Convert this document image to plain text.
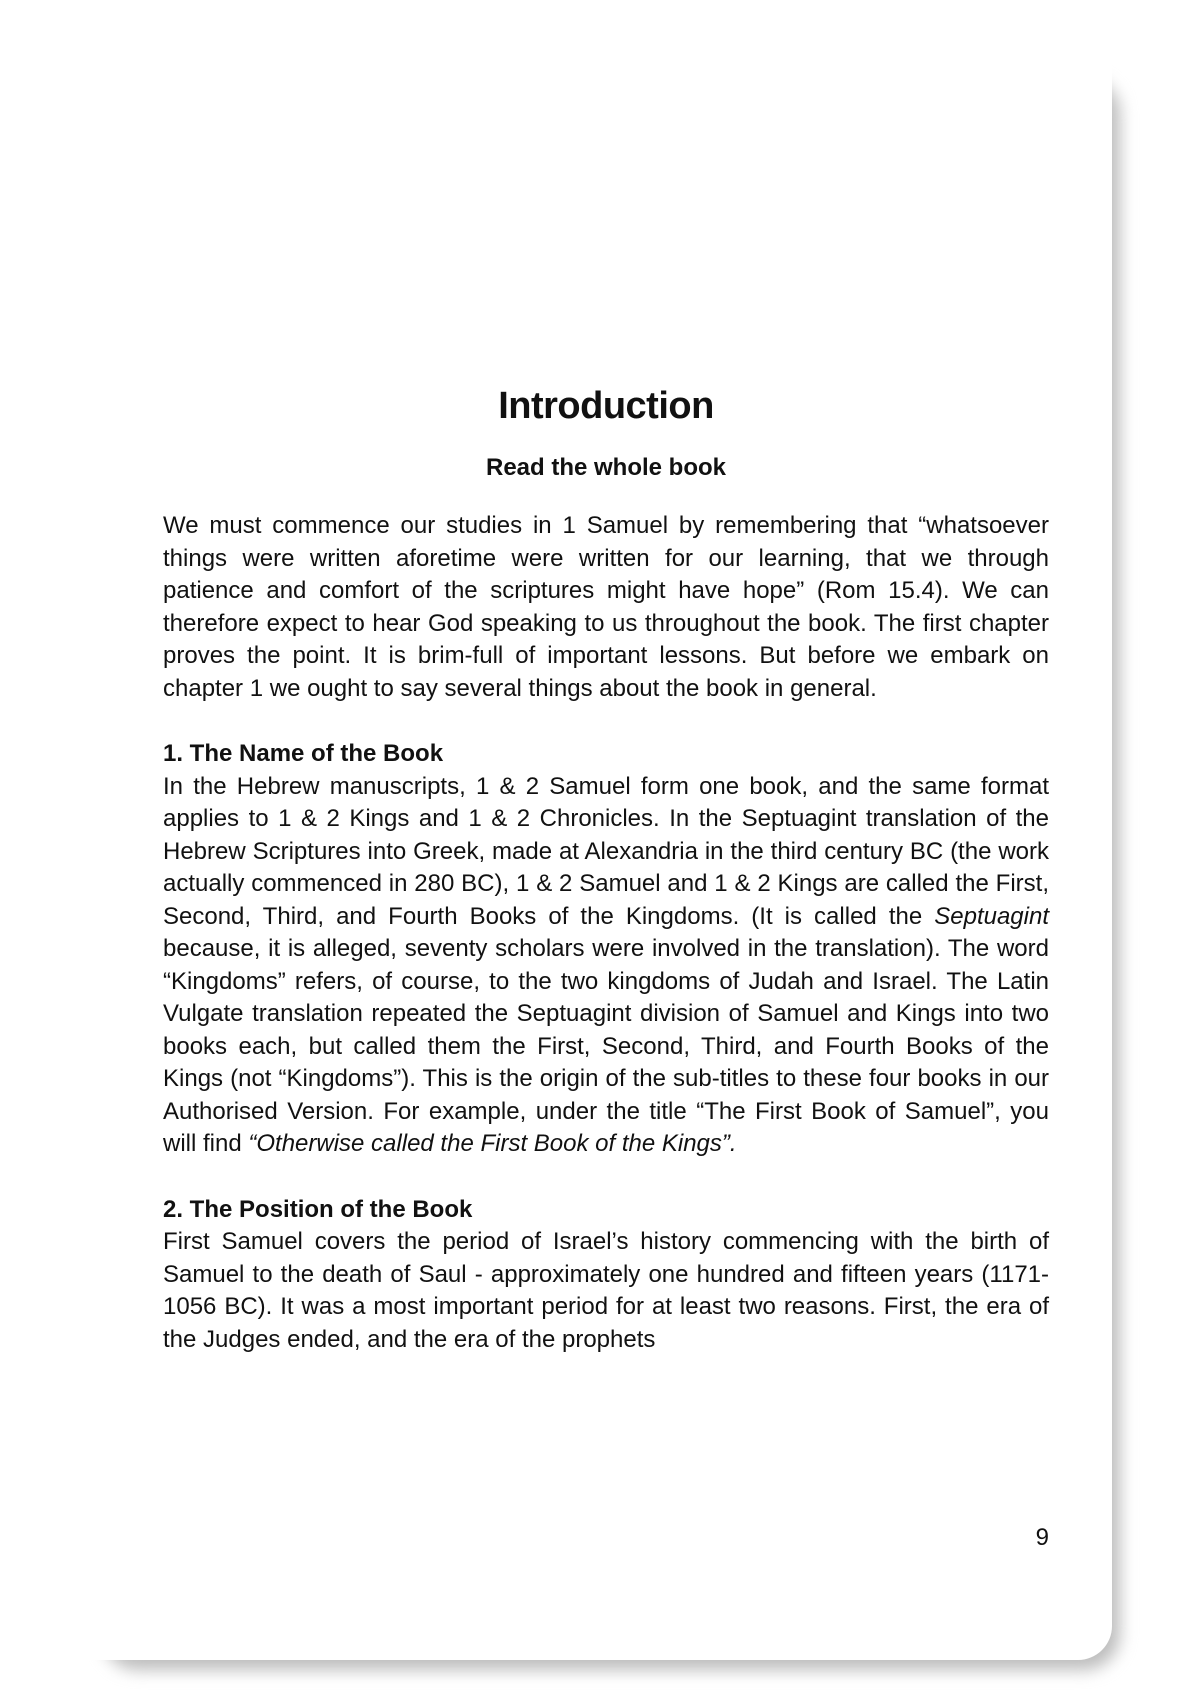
Introduction
Read the whole book

We must commence our studies in 1 Samuel by remembering that “whatsoever things were written aforetime were written for our learning, that we through patience and comfort of the scriptures might have hope” (Rom 15.4). We can therefore expect to hear God speaking to us throughout the book. The first chapter proves the point. It is brim-full of important lessons. But before we embark on chapter 1 we ought to say several things about the book in general.

1. The Name of the Book

In the Hebrew manuscripts, 1 & 2 Samuel form one book, and the same format applies to 1 & 2 Kings and 1 & 2 Chronicles. In the Septuagint translation of the Hebrew Scriptures into Greek, made at Alexandria in the third century BC (the work actually commenced in 280 BC), 1 & 2 Samuel and 1 & 2 Kings are called the First, Second, Third, and Fourth Books of the Kingdoms. (It is called the Septuagint because, it is alleged, seventy scholars were involved in the translation). The word “Kingdoms” refers, of course, to the two kingdoms of Judah and Israel. The Latin Vulgate translation repeated the Septuagint division of Samuel and Kings into two books each, but called them the First, Second, Third, and Fourth Books of the Kings (not “Kingdoms”). This is the origin of the sub-titles to these four books in our Authorised Version. For example, under the title “The First Book of Samuel”, you will find “Otherwise called the First Book of the Kings”.

2. The Position of the Book

First Samuel covers the period of Israel’s history commencing with the birth of Samuel to the death of Saul - approximately one hundred and fifteen years (1171-1056 BC). It was a most important period for at least two reasons. First, the era of the Judges ended, and the era of the prophets

9
